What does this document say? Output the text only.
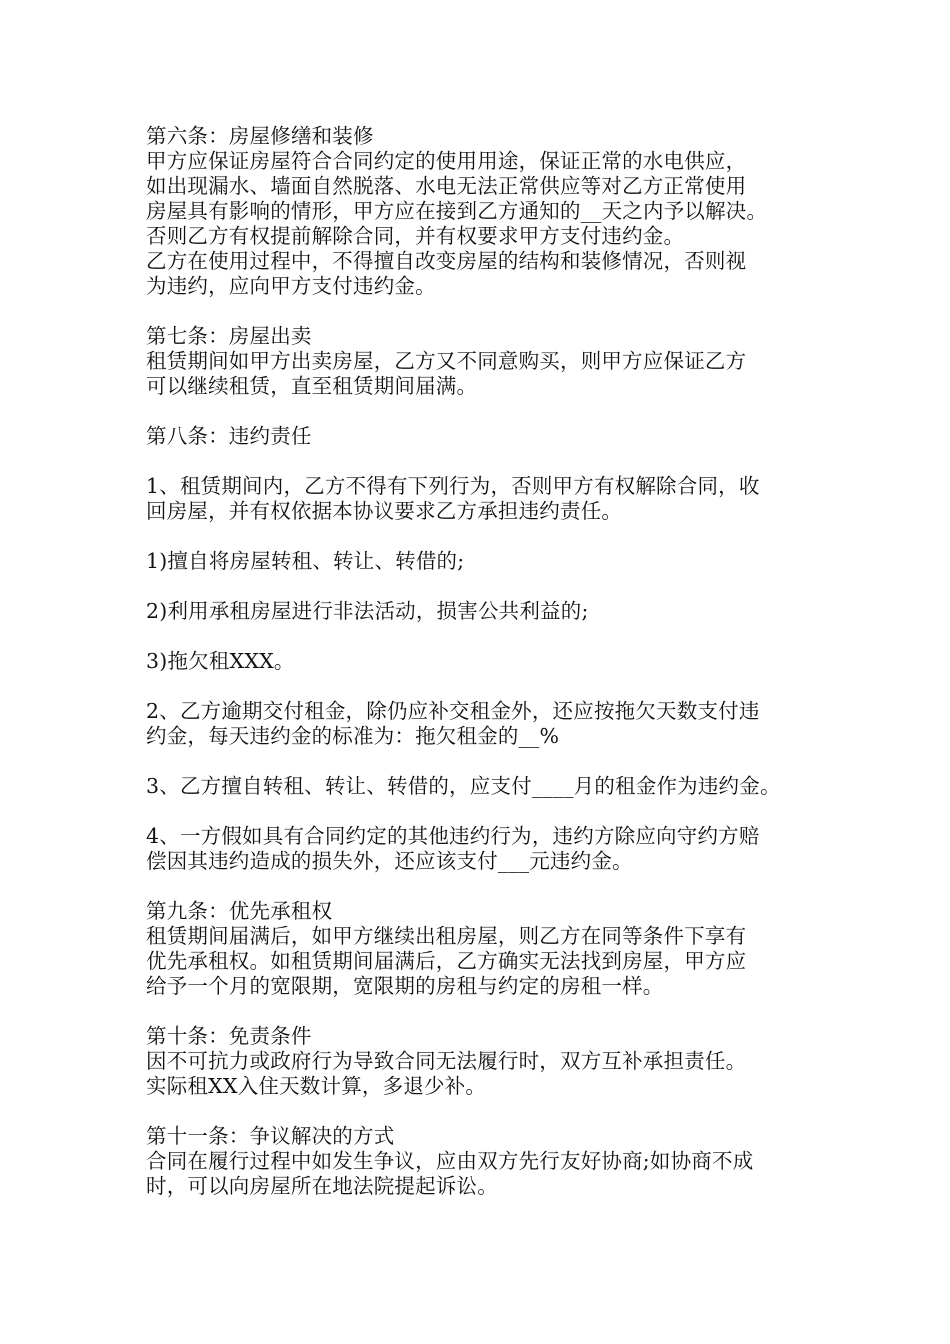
第六条：房屋修缮和装修
甲方应保证房屋符合合同约定的使用用途，保证正常的水电供应，
如出现漏水、墙面自然脱落、水电无法正常供应等对乙方正常使用
房屋具有影响的情形，甲方应在接到乙方通知的__天之内予以解决。
否则乙方有权提前解除合同，并有权要求甲方支付违约金。
乙方在使用过程中，不得擅自改变房屋的结构和装修情况，否则视
为违约，应向甲方支付违约金。
第七条：房屋出卖
租赁期间如甲方出卖房屋，乙方又不同意购买，则甲方应保证乙方
可以继续租赁，直至租赁期间届满。
第八条：违约责任
1、租赁期间内，乙方不得有下列行为，否则甲方有权解除合同，收
回房屋，并有权依据本协议要求乙方承担违约责任。
1)擅自将房屋转租、转让、转借的;
2)利用承租房屋进行非法活动，损害公共利益的;
3)拖欠租XXX。
2、乙方逾期交付租金，除仍应补交租金外，还应按拖欠天数支付违
约金，每天违约金的标准为：拖欠租金的__%
3、乙方擅自转租、转让、转借的，应支付____月的租金作为违约金。
4、一方假如具有合同约定的其他违约行为，违约方除应向守约方赔
偿因其违约造成的损失外，还应该支付___元违约金。
第九条：优先承租权
租赁期间届满后，如甲方继续出租房屋，则乙方在同等条件下享有
优先承租权。如租赁期间届满后，乙方确实无法找到房屋，甲方应
给予一个月的宽限期，宽限期的房租与约定的房租一样。
第十条：免责条件
因不可抗力或政府行为导致合同无法履行时，双方互补承担责任。
实际租XX入住天数计算，多退少补。
第十一条：争议解决的方式
合同在履行过程中如发生争议，应由双方先行友好协商;如协商不成
时，可以向房屋所在地法院提起诉讼。
